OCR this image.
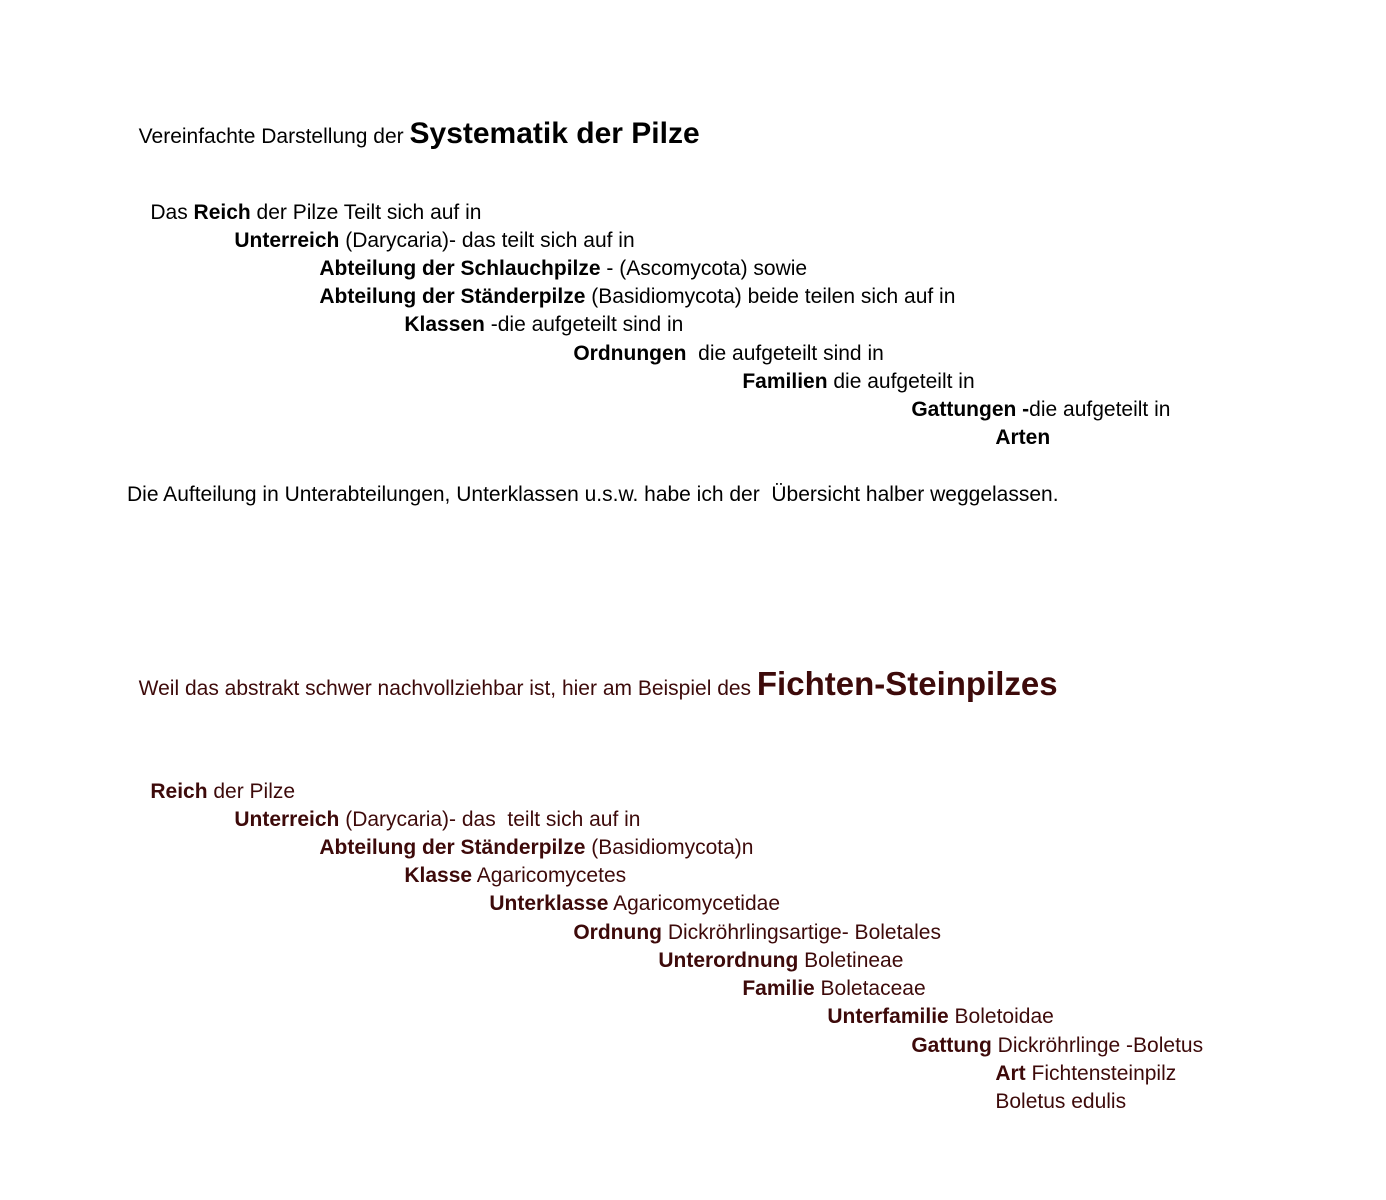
Vereinfachte Darstellung der Systematik der Pilze

Das Reich der Pilze Teilt sich auf in

Unterreich (Darycaria)- das teilt sich auf in

Abteilung der Schlauchpilze - (Ascomycota) sowie

Abteilung der Ständerpilze (Basidiomycota) beide teilen sich auf in

Klassen -die aufgeteilt sind in

Ordnungen  die aufgeteilt sind in

Familien die aufgeteilt in

Gattungen -die aufgeteilt in

Arten

Die Aufteilung in Unterabteilungen, Unterklassen u.s.w. habe ich der  Übersicht halber weggelassen.

Weil das abstrakt schwer nachvollziehbar ist, hier am Beispiel des Fichten-Steinpilzes

Reich der Pilze

Unterreich (Darycaria)- das  teilt sich auf in

Abteilung der Ständerpilze (Basidiomycota)n

Klasse Agaricomycetes

Unterklasse Agaricomycetidae

Ordnung Dickröhrlingsartige- Boletales

Unterordnung Boletineae

Familie Boletaceae

Unterfamilie Boletoidae

Gattung Dickröhrlinge -Boletus

Art Fichtensteinpilz

Boletus edulis
